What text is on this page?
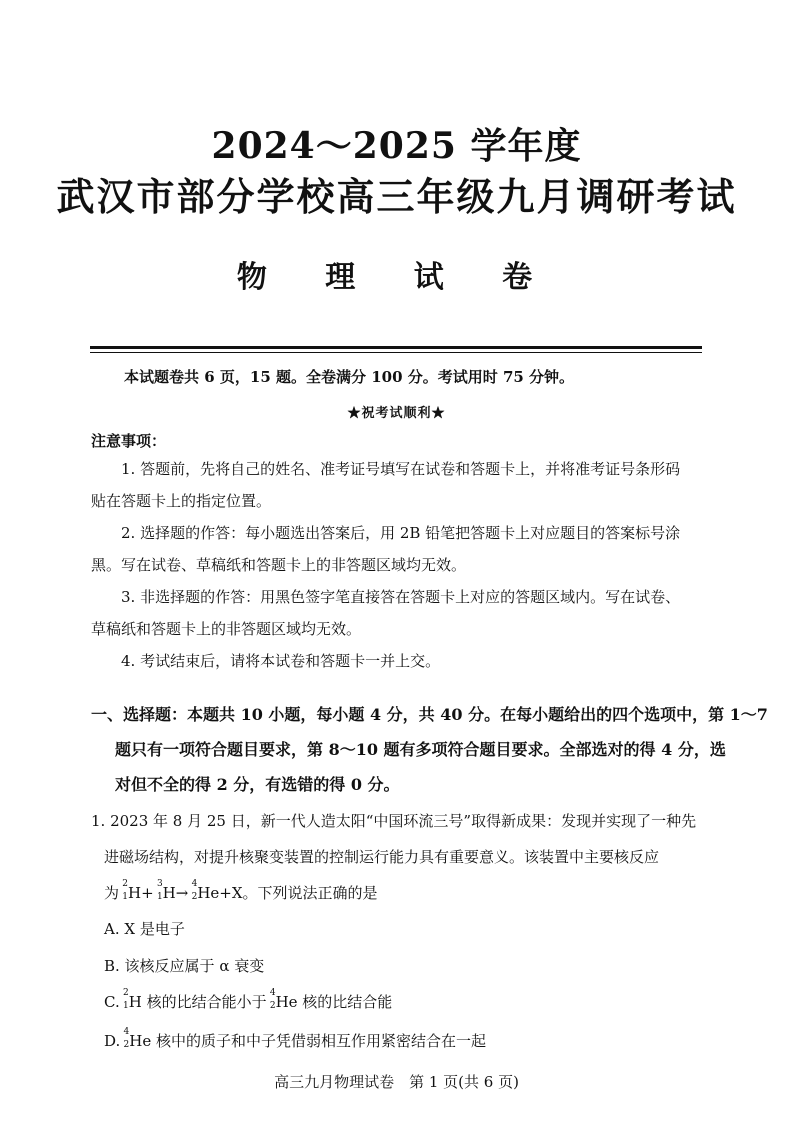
2024～2025 学年度
武汉市部分学校高三年级九月调研考试
物 理 试 卷
本试题卷共 6 页，15 题。全卷满分 100 分。考试用时 75 分钟。
★祝考试顺利★
注意事项：
1. 答题前，先将自己的姓名、准考证号填写在试卷和答题卡上，并将准考证号条形码
贴在答题卡上的指定位置。
2. 选择题的作答：每小题选出答案后，用 2B 铅笔把答题卡上对应题目的答案标号涂
黑。写在试卷、草稿纸和答题卡上的非答题区域均无效。
3. 非选择题的作答：用黑色签字笔直接答在答题卡上对应的答题区域内。写在试卷、
草稿纸和答题卡上的非答题区域均无效。
4. 考试结束后，请将本试卷和答题卡一并上交。
一、选择题：本题共 10 小题，每小题 4 分，共 40 分。在每小题给出的四个选项中，第 1～7
题只有一项符合题目要求，第 8～10 题有多项符合题目要求。全部选对的得 4 分，选
对但不全的得 2 分，有选错的得 0 分。
1. 2023 年 8 月 25 日，新一代人造太阳“中国环流三号”取得新成果：发现并实现了一种先
进磁场结构，对提升核聚变装置的控制运行能力具有重要意义。该装置中主要核反应
为 2
1 H+ 3
1 H→ 4
2 He+X。下列说法正确的是
A. X 是电子
B. 该核反应属于 α 衰变
C. 2
1 H 核的比结合能小于 4
2 He 核的比结合能
D. 4
2 He 核中的质子和中子凭借弱相互作用紧密结合在一起
高三九月物理试卷　第 1 页(共 6 页)
